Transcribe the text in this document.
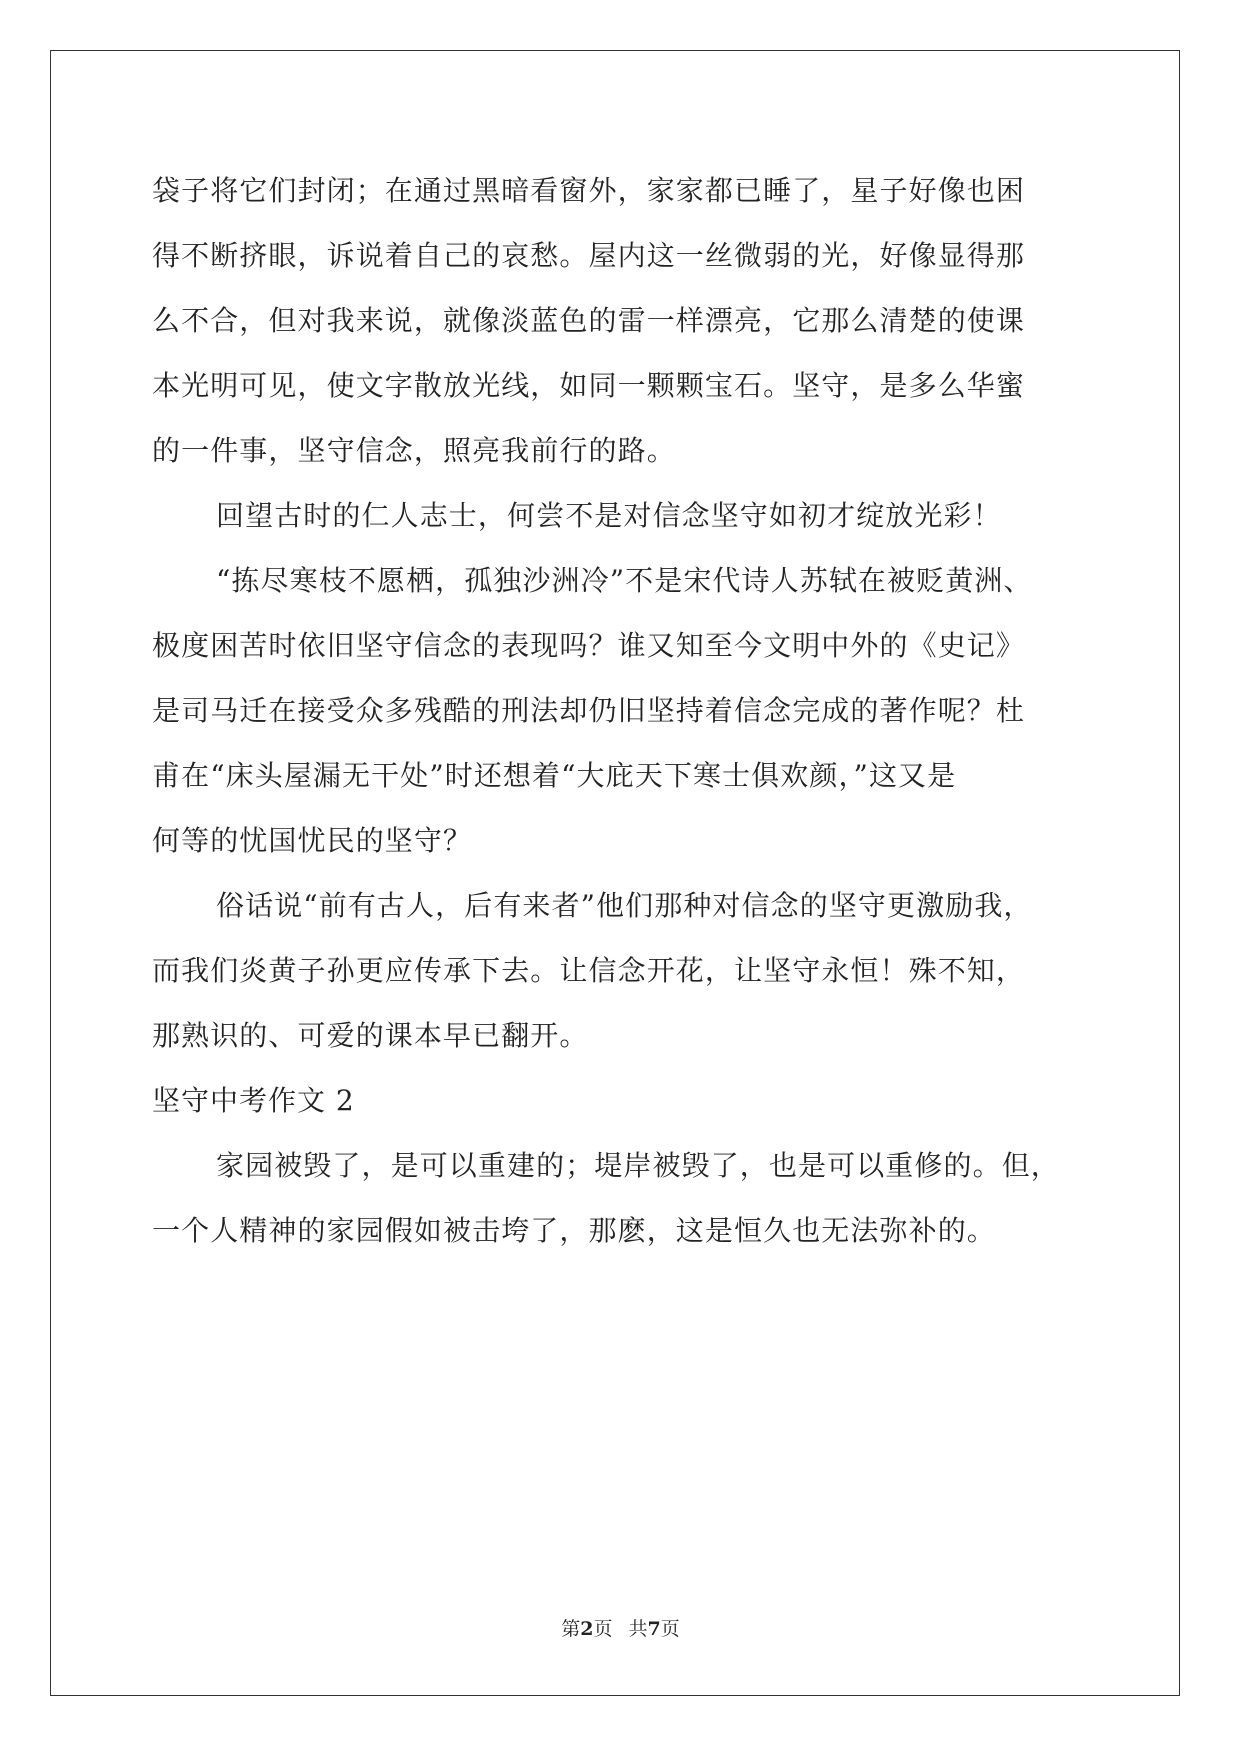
袋子将它们封闭；在通过黑暗看窗外，家家都已睡了，星子好像也困
得不断挤眼，诉说着自己的哀愁。屋内这一丝微弱的光，好像显得那
么不合，但对我来说，就像淡蓝色的雷一样漂亮，它那么清楚的使课
本光明可见，使文字散放光线，如同一颗颗宝石。坚守，是多么华蜜
的一件事，坚守信念，照亮我前行的路。
回望古时的仁人志士，何尝不是对信念坚守如初才绽放光彩！
“拣尽寒枝不愿栖，孤独沙洲冷”不是宋代诗人苏轼在被贬黄洲、
极度困苦时依旧坚守信念的表现吗？谁又知至今文明中外的《史记》
是司马迁在接受众多残酷的刑法却仍旧坚持着信念完成的著作呢？杜
甫在“床头屋漏无干处”时还想着“大庇天下寒士俱欢颜，”这又是
何等的忧国忧民的坚守？
俗话说“前有古人，后有来者”他们那种对信念的坚守更激励我，
而我们炎黄子孙更应传承下去。让信念开花，让坚守永恒！殊不知，
那熟识的、可爱的课本早已翻开。
坚守中考作文 2
家园被毁了，是可以重建的；堤岸被毁了，也是可以重修的。但，
一个人精神的家园假如被击垮了，那麽，这是恒久也无法弥补的。
第2页 共7页
